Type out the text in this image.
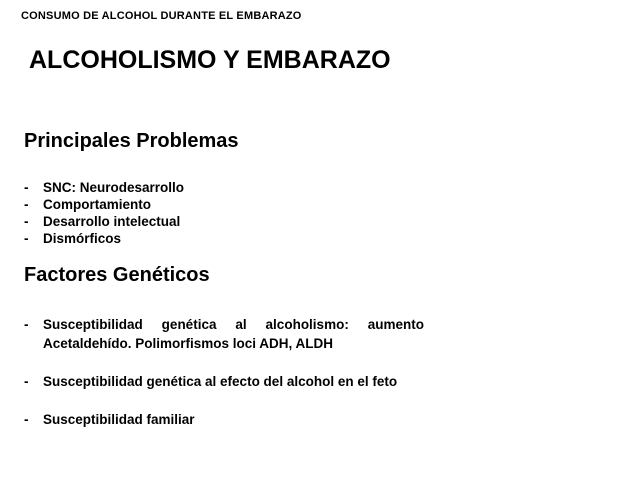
CONSUMO DE ALCOHOL DURANTE EL EMBARAZO
ALCOHOLISMO Y EMBARAZO
Principales Problemas
-	SNC: Neurodesarrollo
-	Comportamiento
-	Desarrollo intelectual
-	Dismórficos
Factores Genéticos
-	Susceptibilidad genética al alcoholismo: aumento Acetaldehído. Polimorfismos loci ADH, ALDH
-	Susceptibilidad genética al efecto del alcohol en el feto
-	Susceptibilidad familiar
